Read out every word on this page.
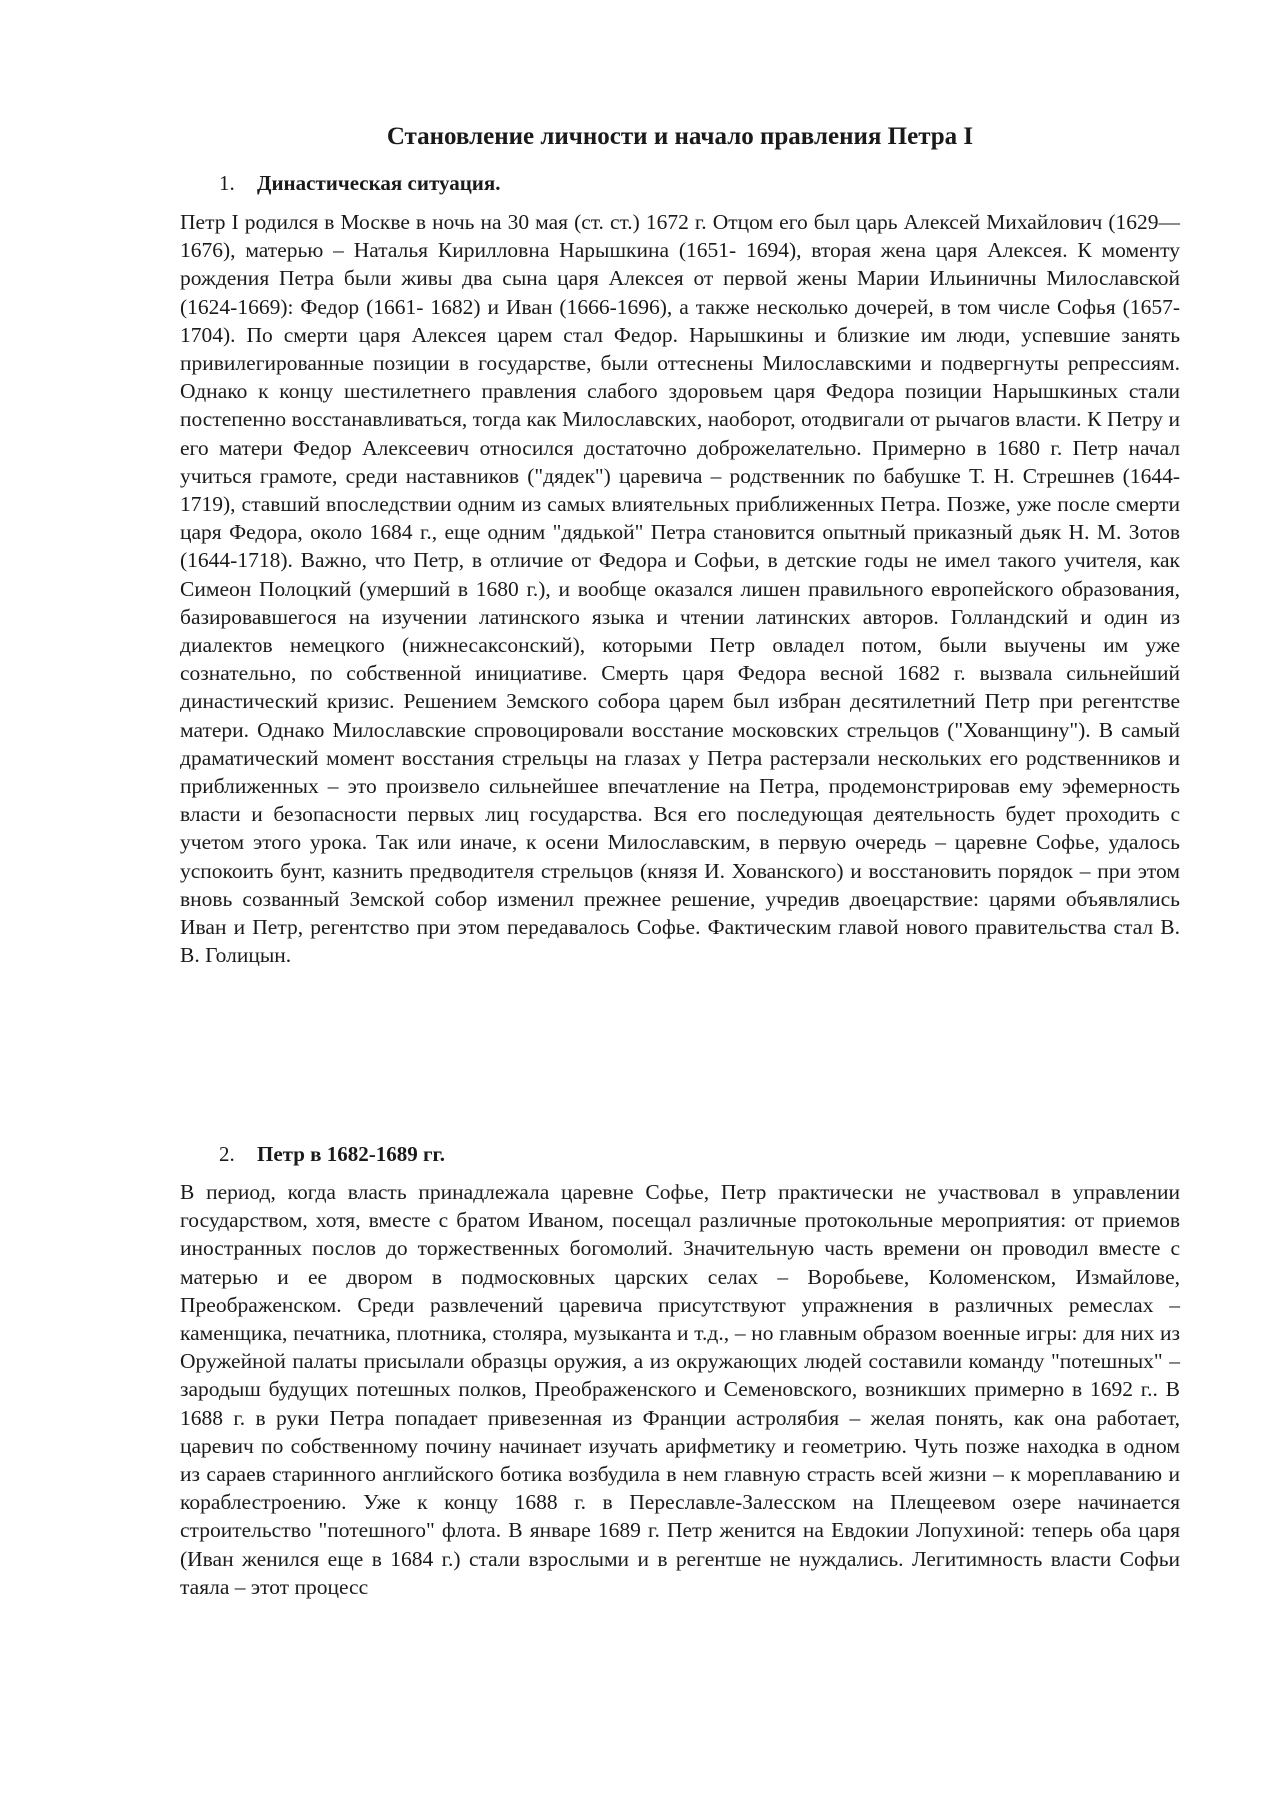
Становление личности и начало правления Петра I
1. Династическая ситуация.

Петр I родился в Москве в ночь на 30 мая (ст. ст.) 1672 г. Отцом его был царь Алексей Михайлович (1629—1676), матерью – Наталья Кирилловна Нарышкина (1651- 1694), вторая жена царя Алексея. К моменту рождения Петра были живы два сына царя Алексея от первой жены Марии Ильиничны Милославской (1624-1669): Федор (1661- 1682) и Иван (1666-1696), а также несколько дочерей, в том числе Софья (1657-1704). По смерти царя Алексея царем стал Федор. Нарышкины и близкие им люди, успевшие занять привилегированные позиции в государстве, были оттеснены Милославскими и подвергнуты репрессиям. Однако к концу шестилетнего правления слабого здоровьем царя Федора позиции Нарышкиных стали постепенно восстанавливаться, тогда как Милославских, наоборот, отодвигали от рычагов власти. К Петру и его матери Федор Алексеевич относился достаточно доброжелательно. Примерно в 1680 г. Петр начал учиться грамоте, среди наставников ("дядек") царевича – родственник по бабушке Т. Н. Стрешнев (1644-1719), ставший впоследствии одним из самых влиятельных приближенных Петра. Позже, уже после смерти царя Федора, около 1684 г., еще одним "дядькой" Петра становится опытный приказный дьяк Н. М. Зотов (1644-1718). Важно, что Петр, в отличие от Федора и Софьи, в детские годы не имел такого учителя, как Симеон Полоцкий (умерший в 1680 г.), и вообще оказался лишен правильного европейского образования, базировавшегося на изучении латинского языка и чтении латинских авторов. Голландский и один из диалектов немецкого (нижнесаксонский), которыми Петр овладел потом, были выучены им уже сознательно, по собственной инициативе. Смерть царя Федора весной 1682 г. вызвала сильнейший династический кризис. Решением Земского собора царем был избран десятилетний Петр при регентстве матери. Однако Милославские спровоцировали восстание московских стрельцов ("Хованщину"). В самый драматический момент восстания стрельцы на глазах у Петра растерзали нескольких его родственников и приближенных – это произвело сильнейшее впечатление на Петра, продемонстрировав ему эфемерность власти и безопасности первых лиц государства. Вся его последующая деятельность будет проходить с учетом этого урока. Так или иначе, к осени Милославским, в первую очередь – царевне Софье, удалось успокоить бунт, казнить предводителя стрельцов (князя И. Хованского) и восстановить порядок – при этом вновь созванный Земской собор изменил прежнее решение, учредив двоецарствие: царями объявлялись Иван и Петр, регентство при этом передавалось Софье. Фактическим главой нового правительства стал В. В. Голицын.

2. Петр в 1682-1689 гг.

В период, когда власть принадлежала царевне Софье, Петр практически не участвовал в управлении государством, хотя, вместе с братом Иваном, посещал различные протокольные мероприятия: от приемов иностранных послов до торжественных богомолий. Значительную часть времени он проводил вместе с матерью и ее двором в подмосковных царских селах – Воробьеве, Коломенском, Измайлове, Преображенском. Среди развлечений царевича присутствуют упражнения в различных ремеслах – каменщика, печатника, плотника, столяра, музыканта и т.д., – но главным образом военные игры: для них из Оружейной палаты присылали образцы оружия, а из окружающих людей составили команду "потешных" – зародыш будущих потешных полков, Преображенского и Семеновского, возникших примерно в 1692 г.. В 1688 г. в руки Петра попадает привезенная из Франции астролябия – желая понять, как она работает, царевич по собственному почину начинает изучать арифметику и геометрию. Чуть позже находка в одном из сараев старинного английского ботика возбудила в нем главную страсть всей жизни – к мореплаванию и кораблестроению. Уже к концу 1688 г. в Переславле-Залесском на Плещеевом озере начинается строительство "потешного" флота. В январе 1689 г. Петр женится на Евдокии Лопухиной: теперь оба царя (Иван женился еще в 1684 г.) стали взрослыми и в регентше не нуждались. Легитимность власти Софьи таяла – этот процесс
